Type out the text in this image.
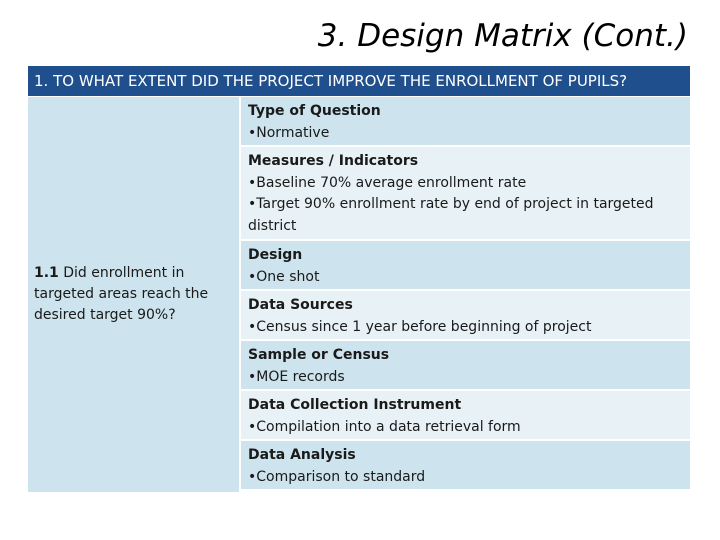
3. Design Matrix (Cont.)
1. TO WHAT EXTENT DID THE PROJECT IMPROVE THE ENROLLMENT OF PUPILS?
1.1 Did enrollment in targeted areas reach the desired target 90%?
Type of Question
• Normative
Measures / Indicators
• Baseline 70% average enrollment rate
• Target 90% enrollment rate by end of project in targeted district
Design
• One shot
Data Sources
• Census since 1 year before beginning of project
Sample or Census
• MOE records
Data Collection Instrument
• Compilation into a data retrieval form
Data Analysis
• Comparison to standard
